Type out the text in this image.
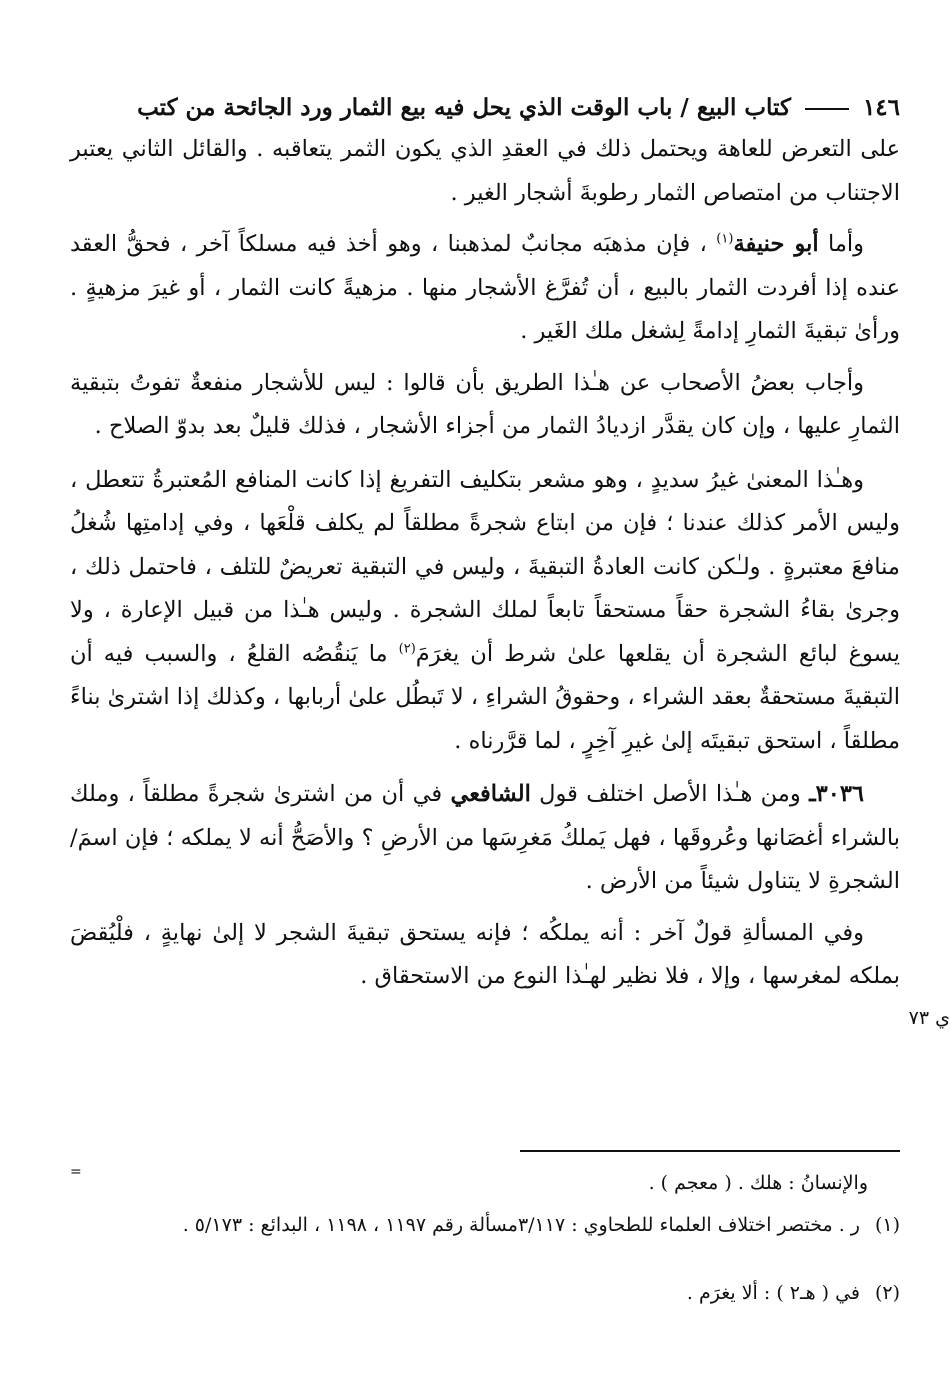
١٤٦  كتاب البيع / باب الوقت الذي يحل فيه بيع الثمار ورد الجائحة من كتب

على التعرض للعاهة ويحتمل ذلك في العقدِ الذي يكون الثمر يتعاقبه . والقائل الثاني يعتبر الاجتناب من امتصاص الثمار رطوبةَ أشجار الغير .

وأما أبو حنيفة$^{(١)}$ ، فإن مذهبَه مجانبٌ لمذهبنا ، وهو أخذ فيه مسلكاً آخر ، فحقُّ العقد عنده إذا أفردت الثمار بالبيع ، أن تُفرَّغ الأشجار منها . مزهيةً كانت الثمار ، أو غيرَ مزهيةٍ . ورأىٰ تبقيةَ الثمارِ إدامةً لِشغل ملك الغَير .

وأجاب بعضُ الأصحاب عن هـٰذا الطريق بأن قالوا : ليس للأشجار منفعةٌ تفوتُ بتبقية الثمارِ عليها ، وإن كان يقدَّر ازديادُ الثمار من أجزاء الأشجار ، فذلك قليلٌ بعد بدوّ الصلاح .

وهـٰذا المعنىٰ غيرُ سديدٍ ، وهو مشعر بتكليف التفريغ إذا كانت المنافع المُعتبرةُ تتعطل ، وليس الأمر كذلك عندنا ؛ فإن من ابتاع شجرةً مطلقاً لم يكلف قلْعَها ، وفي إدامتِها شُغلُ منافعَ معتبرةٍ . ولـٰكن كانت العادةُ التبقيةَ ، وليس في التبقية تعريضٌ للتلف ، فاحتمل ذلك ، وجرىٰ بقاءُ الشجرة حقاً مستحقاً تابعاً لملك الشجرة . وليس هـٰذا من قبيل الإعارة ، ولا يسوغ لبائع الشجرة أن يقلعها علىٰ شرط أن يغرَمَ$^{(٢)}$ ما يَنقُصُه القلعُ ، والسبب فيه أن التبقيةَ مستحقةٌ بعقد الشراء ، وحقوقُ الشراءِ ، لا تَبطُل علىٰ أربابها ، وكذلك إذا اشترىٰ بناءً مطلقاً ، استحق تبقيتَه إلىٰ غيرِ آخِرٍ ، لما قرَّرناه .

٣٠٣٦ـ ومن هـٰذا الأصل اختلف قول الشافعي في أن من اشترىٰ شجرةً مطلقاً ، وملك بالشراء أغصَانها وعُروقَها ، فهل يَملكُ مَغرِسَها من الأرضِ ؟ والأصَحُّ أنه لا يملكه ؛ فإن اسمَ/ الشجرةِ لا يتناول شيئاً من الأرض .

وفي المسألةِ قولٌ آخر : أنه يملكُه ؛ فإنه يستحق تبقيةَ الشجر لا إلىٰ نهايةٍ ، فلْيُقضَ بملكه لمغرسها ، وإلا ، فلا نظير لهـٰذا النوع من الاستحقاق .

ي ٧٣
=	والإنسانُ : هلك . ( معجم ) .

(١)ر . مختصر اختلاف العلماء للطحاوي : ٣/١١٧مسألة رقم ١١٩٧ ، ١١٩٨ ، البدائع : ٥/١٧٣ .

(٢)في ( هـ٢ ) : ألا يغرَم .
